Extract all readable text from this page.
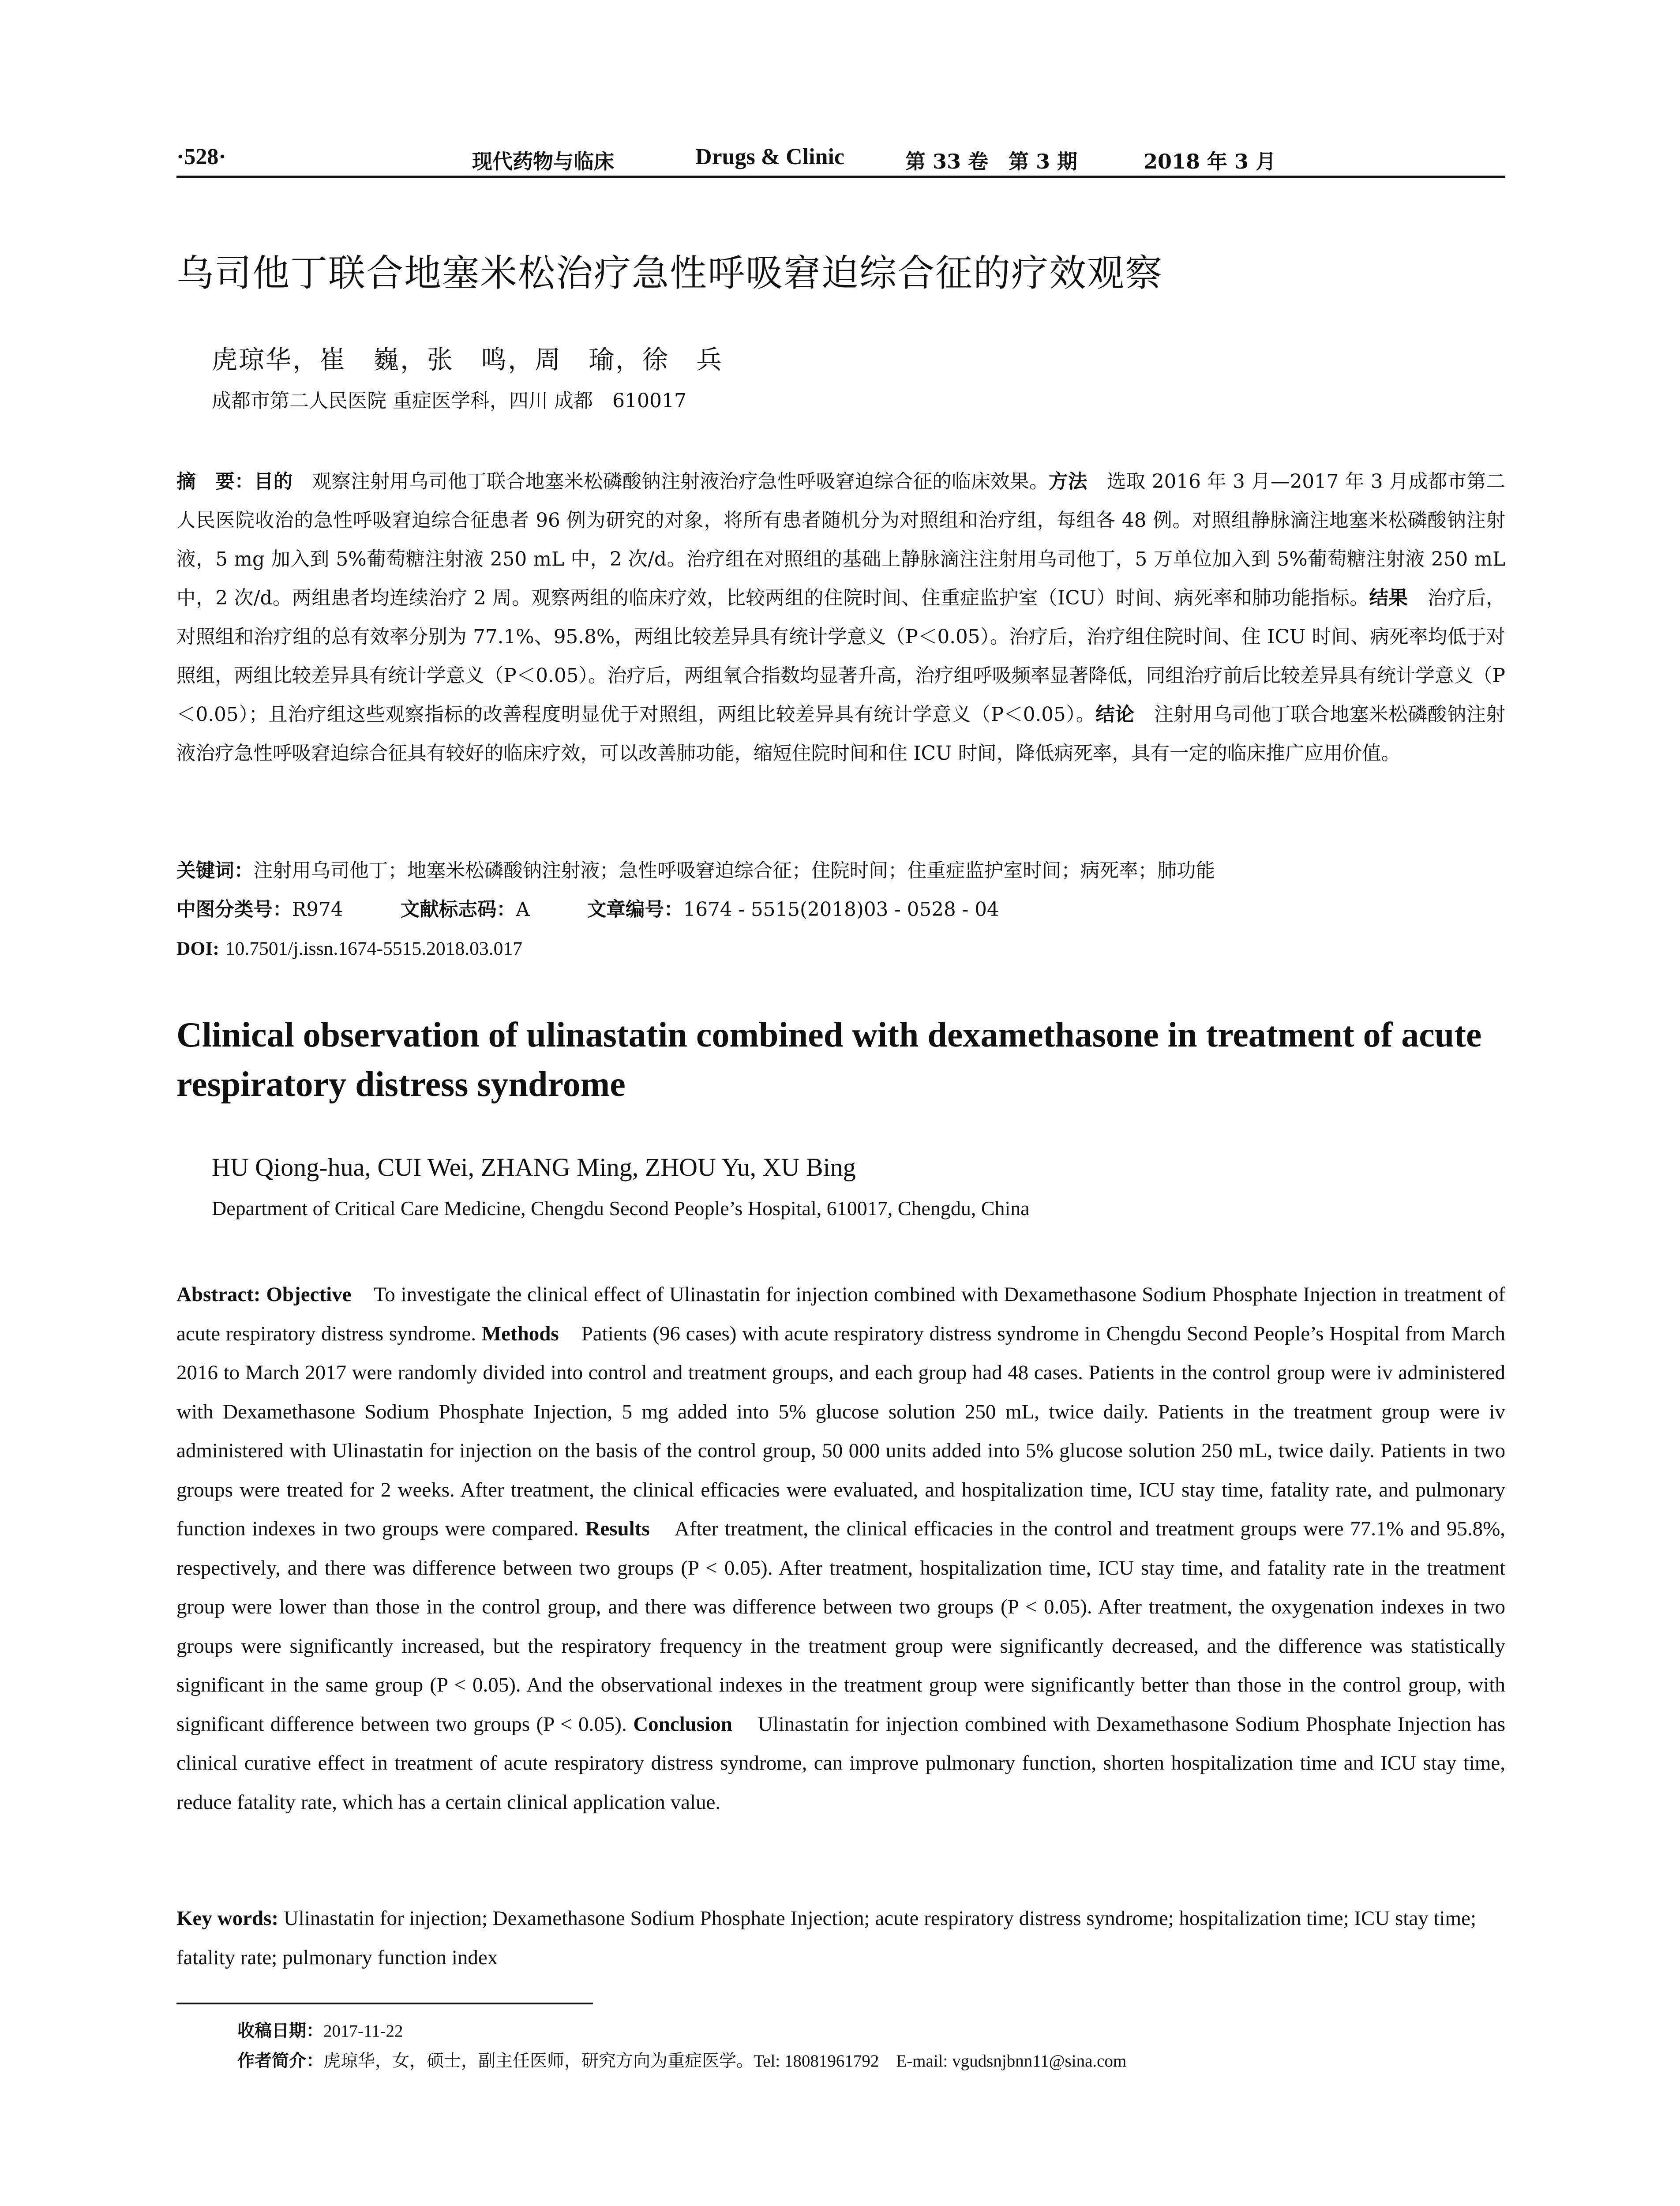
·528·	现代药物与临床	Drugs & Clinic	第 33 卷　第 3 期	2018 年 3 月
乌司他丁联合地塞米松治疗急性呼吸窘迫综合征的疗效观察

虎琼华，崔　巍，张　鸣，周　瑜，徐　兵

成都市第二人民医院 重症医学科，四川 成都　610017

摘　要：目的　 观察注射用乌司他丁联合地塞米松磷酸钠注射液治疗急性呼吸窘迫综合征的临床效果。方法　 选取 2016 年 3 月—2017 年 3 月成都市第二人民医院收治的急性呼吸窘迫综合征患者 96 例为研究的对象，将所有患者随机分为对照组和治疗组，每组各 48 例。对照组静脉滴注地塞米松磷酸钠注射液，5 mg 加入到 5%葡萄糖注射液 250 mL 中，2 次/d。治疗组在对照组的基础上静脉滴注注射用乌司他丁，5 万单位加入到 5%葡萄糖注射液 250 mL 中，2 次/d。两组患者均连续治疗 2 周。观察两组的临床疗效，比较两组的住院时间、住重症监护室（ICU）时间、病死率和肺功能指标。结果　 治疗后，对照组和治疗组的总有效率分别为 77.1%、95.8%，两组比较差异具有统计学意义（P＜0.05）。治疗后，治疗组住院时间、住 ICU 时间、病死率均低于对照组，两组比较差异具有统计学意义（P＜0.05）。治疗后，两组氧合指数均显著升高，治疗组呼吸频率显著降低，同组治疗前后比较差异具有统计学意义（P＜0.05）；且治疗组这些观察指标的改善程度明显优于对照组，两组比较差异具有统计学意义（P＜0.05）。结论　 注射用乌司他丁联合地塞米松磷酸钠注射液治疗急性呼吸窘迫综合征具有较好的临床疗效，可以改善肺功能，缩短住院时间和住 ICU 时间，降低病死率，具有一定的临床推广应用价值。

关键词：注射用乌司他丁；地塞米松磷酸钠注射液；急性呼吸窘迫综合征；住院时间；住重症监护室时间；病死率；肺功能

中图分类号：R974	文献标志码：A	文章编号：1674 - 5515(2018)03 - 0528 - 04

DOI: 10.7501/j.issn.1674-5515.2018.03.017

Clinical observation of ulinastatin combined with dexamethasone in treatment of acute respiratory distress syndrome

HU Qiong-hua, CUI Wei, ZHANG Ming, ZHOU Yu, XU Bing

Department of Critical Care Medicine, Chengdu Second People’s Hospital, 610017, Chengdu, China

Abstract: Objective To investigate the clinical effect of Ulinastatin for injection combined with Dexamethasone Sodium Phosphate Injection in treatment of acute respiratory distress syndrome. Methods Patients (96 cases) with acute respiratory distress syndrome in Chengdu Second People’s Hospital from March 2016 to March 2017 were randomly divided into control and treatment groups, and each group had 48 cases. Patients in the control group were iv administered with Dexamethasone Sodium Phosphate Injection, 5 mg added into 5% glucose solution 250 mL, twice daily. Patients in the treatment group were iv administered with Ulinastatin for injection on the basis of the control group, 50 000 units added into 5% glucose solution 250 mL, twice daily. Patients in two groups were treated for 2 weeks. After treatment, the clinical efficacies were evaluated, and hospitalization time, ICU stay time, fatality rate, and pulmonary function indexes in two groups were compared. Results After treatment, the clinical efficacies in the control and treatment groups were 77.1% and 95.8%, respectively, and there was difference between two groups (P < 0.05). After treatment, hospitalization time, ICU stay time, and fatality rate in the treatment group were lower than those in the control group, and there was difference between two groups (P < 0.05). After treatment, the oxygenation indexes in two groups were significantly increased, but the respiratory frequency in the treatment group were significantly decreased, and the difference was statistically significant in the same group (P < 0.05). And the observational indexes in the treatment group were significantly better than those in the control group, with significant difference between two groups (P < 0.05). Conclusion Ulinastatin for injection combined with Dexamethasone Sodium Phosphate Injection has clinical curative effect in treatment of acute respiratory distress syndrome, can improve pulmonary function, shorten hospitalization time and ICU stay time, reduce fatality rate, which has a certain clinical application value.

Key words: Ulinastatin for injection; Dexamethasone Sodium Phosphate Injection; acute respiratory distress syndrome; hospitalization time; ICU stay time; fatality rate; pulmonary function index

收稿日期：2017-11-22

作者简介：虎琼华，女，硕士，副主任医师，研究方向为重症医学。Tel: 18081961792　E-mail: vgudsnjbnn11@sina.com
